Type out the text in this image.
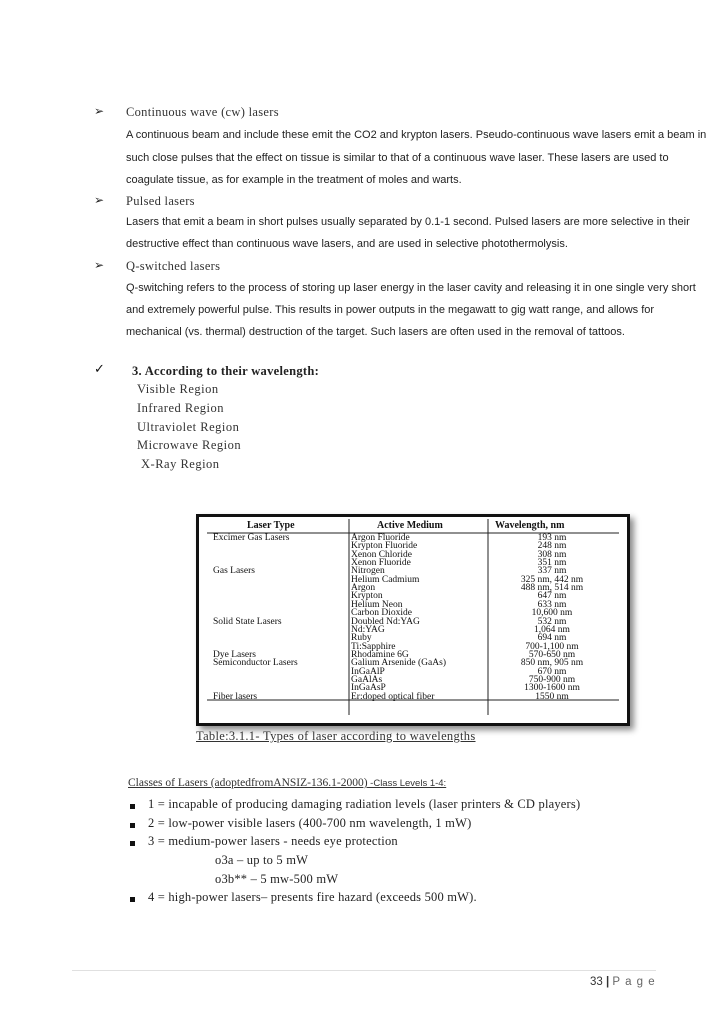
➢ Continuous wave (cw) lasers
A continuous beam and include these emit the CO2 and krypton lasers. Pseudo-continuous wave lasers emit a beam in
such close pulses that the effect on tissue is similar to that of a continuous wave laser. These lasers are used to
coagulate tissue, as for example in the treatment of moles and warts.
➢ Pulsed lasers
Lasers that emit a beam in short pulses usually separated by 0.1-1 second. Pulsed lasers are more selective in their
destructive effect than continuous wave lasers, and are used in selective photothermolysis.
➢ Q-switched lasers
Q-switching refers to the process of storing up laser energy in the laser cavity and releasing it in one single very short
and extremely powerful pulse. This results in power outputs in the megawatt to gig watt range, and allows for
mechanical (vs. thermal) destruction of the target. Such lasers are often used in the removal of tattoos.
✓ 3. According to their wavelength:
Visible Region
Infrared Region
Ultraviolet Region
Microwave Region
X-Ray Region
Laser Type	Active Medium	Wavelength, nm
Excimer Gas Lasers
Gas Lasers
Solid State Lasers
Dye Lasers
Semiconductor Lasers
Fiber lasers
Argon Fluoride
Krypton Fluoride
Xenon Chloride
Xenon Fluoride
Nitrogen
Helium Cadmium
Argon
Krypton
Helium Neon
Carbon Dioxide
Doubled Nd:YAG
Nd:YAG
Ruby
Ti:Sapphire
Rhodamine 6G
Galium Arsenide (GaAs)
InGaAlP
GaAlAs
InGaAsP
Er:doped optical fiber
193 nm
248 nm
308 nm
351 nm
337 nm
325 nm, 442 nm
488 nm, 514 nm
647 nm
633 nm
10,600 nm
532 nm
1,064 nm
694 nm
700-1,100 nm
570-650 nm
850 nm, 905 nm
670 nm
750-900 nm
1300-1600 nm
1550 nm
Table:3.1.1- Types of laser according to wavelengths
Classes of Lasers (adoptedfromANSIZ-136.1-2000) -Class Levels 1-4:
1 = incapable of producing damaging radiation levels (laser printers & CD players)
2 = low-power visible lasers (400-700 nm wavelength, 1 mW)
3 = medium-power lasers - needs eye protection
o3a – up to 5 mW
o3b** – 5 mw-500 mW
4 = high-power lasers– presents fire hazard (exceeds 500 mW).
33 | P a g e
